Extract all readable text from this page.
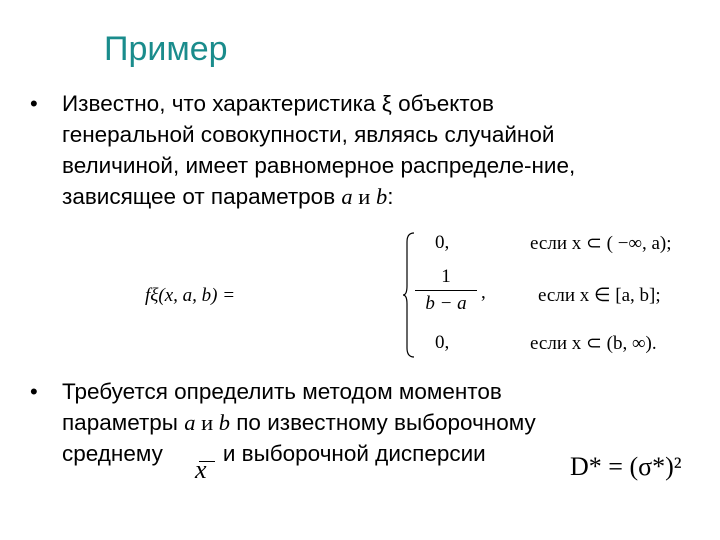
Пример
• Известно, что характеристика ξ объектов
генеральной совокупности, являясь случайной
величиной, имеет равномерное распределе-ние,
зависящее от параметров a и b:
fξ(x, a, b) =
0,	если x ⊂ ( −∞, a);
1
b − a
,	если x ∈ [a, b];
0,	если x ⊂ (b, ∞).
• Требуется определить методом моментов
параметры a и b по известному выборочному
среднему	и выборочной дисперсии
x	D* = (σ*)²
